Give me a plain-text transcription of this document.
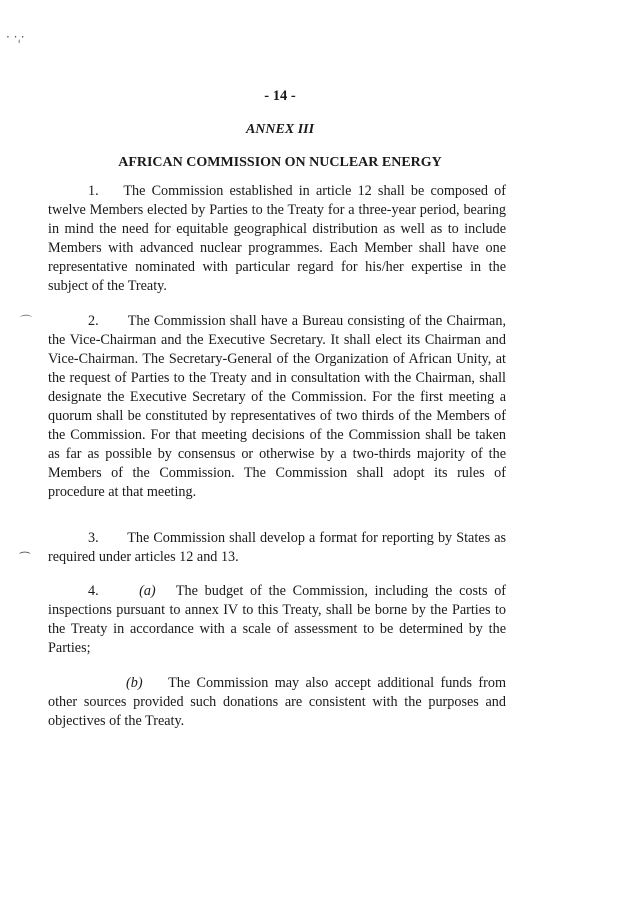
· ·ˌ·
⌒
⁀
- 14 -
ANNEX III
AFRICAN COMMISSION ON NUCLEAR ENERGY

1. The Commission established in article 12 shall be composed of twelve Members elected by Parties to the Treaty for a three-year period, bearing in mind the need for equitable geographical distribution as well as to include Members with advanced nuclear programmes. Each Member shall have one representative nominated with particular regard for his/her expertise in the subject of the Treaty.

2. The Commission shall have a Bureau consisting of the Chairman, the Vice-Chairman and the Executive Secretary. It shall elect its Chairman and Vice-Chairman. The Secretary-General of the Organization of African Unity, at the request of Parties to the Treaty and in consultation with the Chairman, shall designate the Executive Secretary of the Commission. For the first meeting a quorum shall be constituted by representatives of two thirds of the Members of the Commission. For that meeting decisions of the Commission shall be taken as far as possible by consensus or otherwise by a two-thirds majority of the Members of the Commission. The Commission shall adopt its rules of procedure at that meeting.

3. The Commission shall develop a format for reporting by States as required under articles 12 and 13.

4.	(a) The budget of the Commission, including the costs of inspections pursuant to annex IV to this Treaty, shall be borne by the Parties to the Treaty in accordance with a scale of assessment to be determined by the Parties;

(b) The Commission may also accept additional funds from other sources provided such donations are consistent with the purposes and objectives of the Treaty.
